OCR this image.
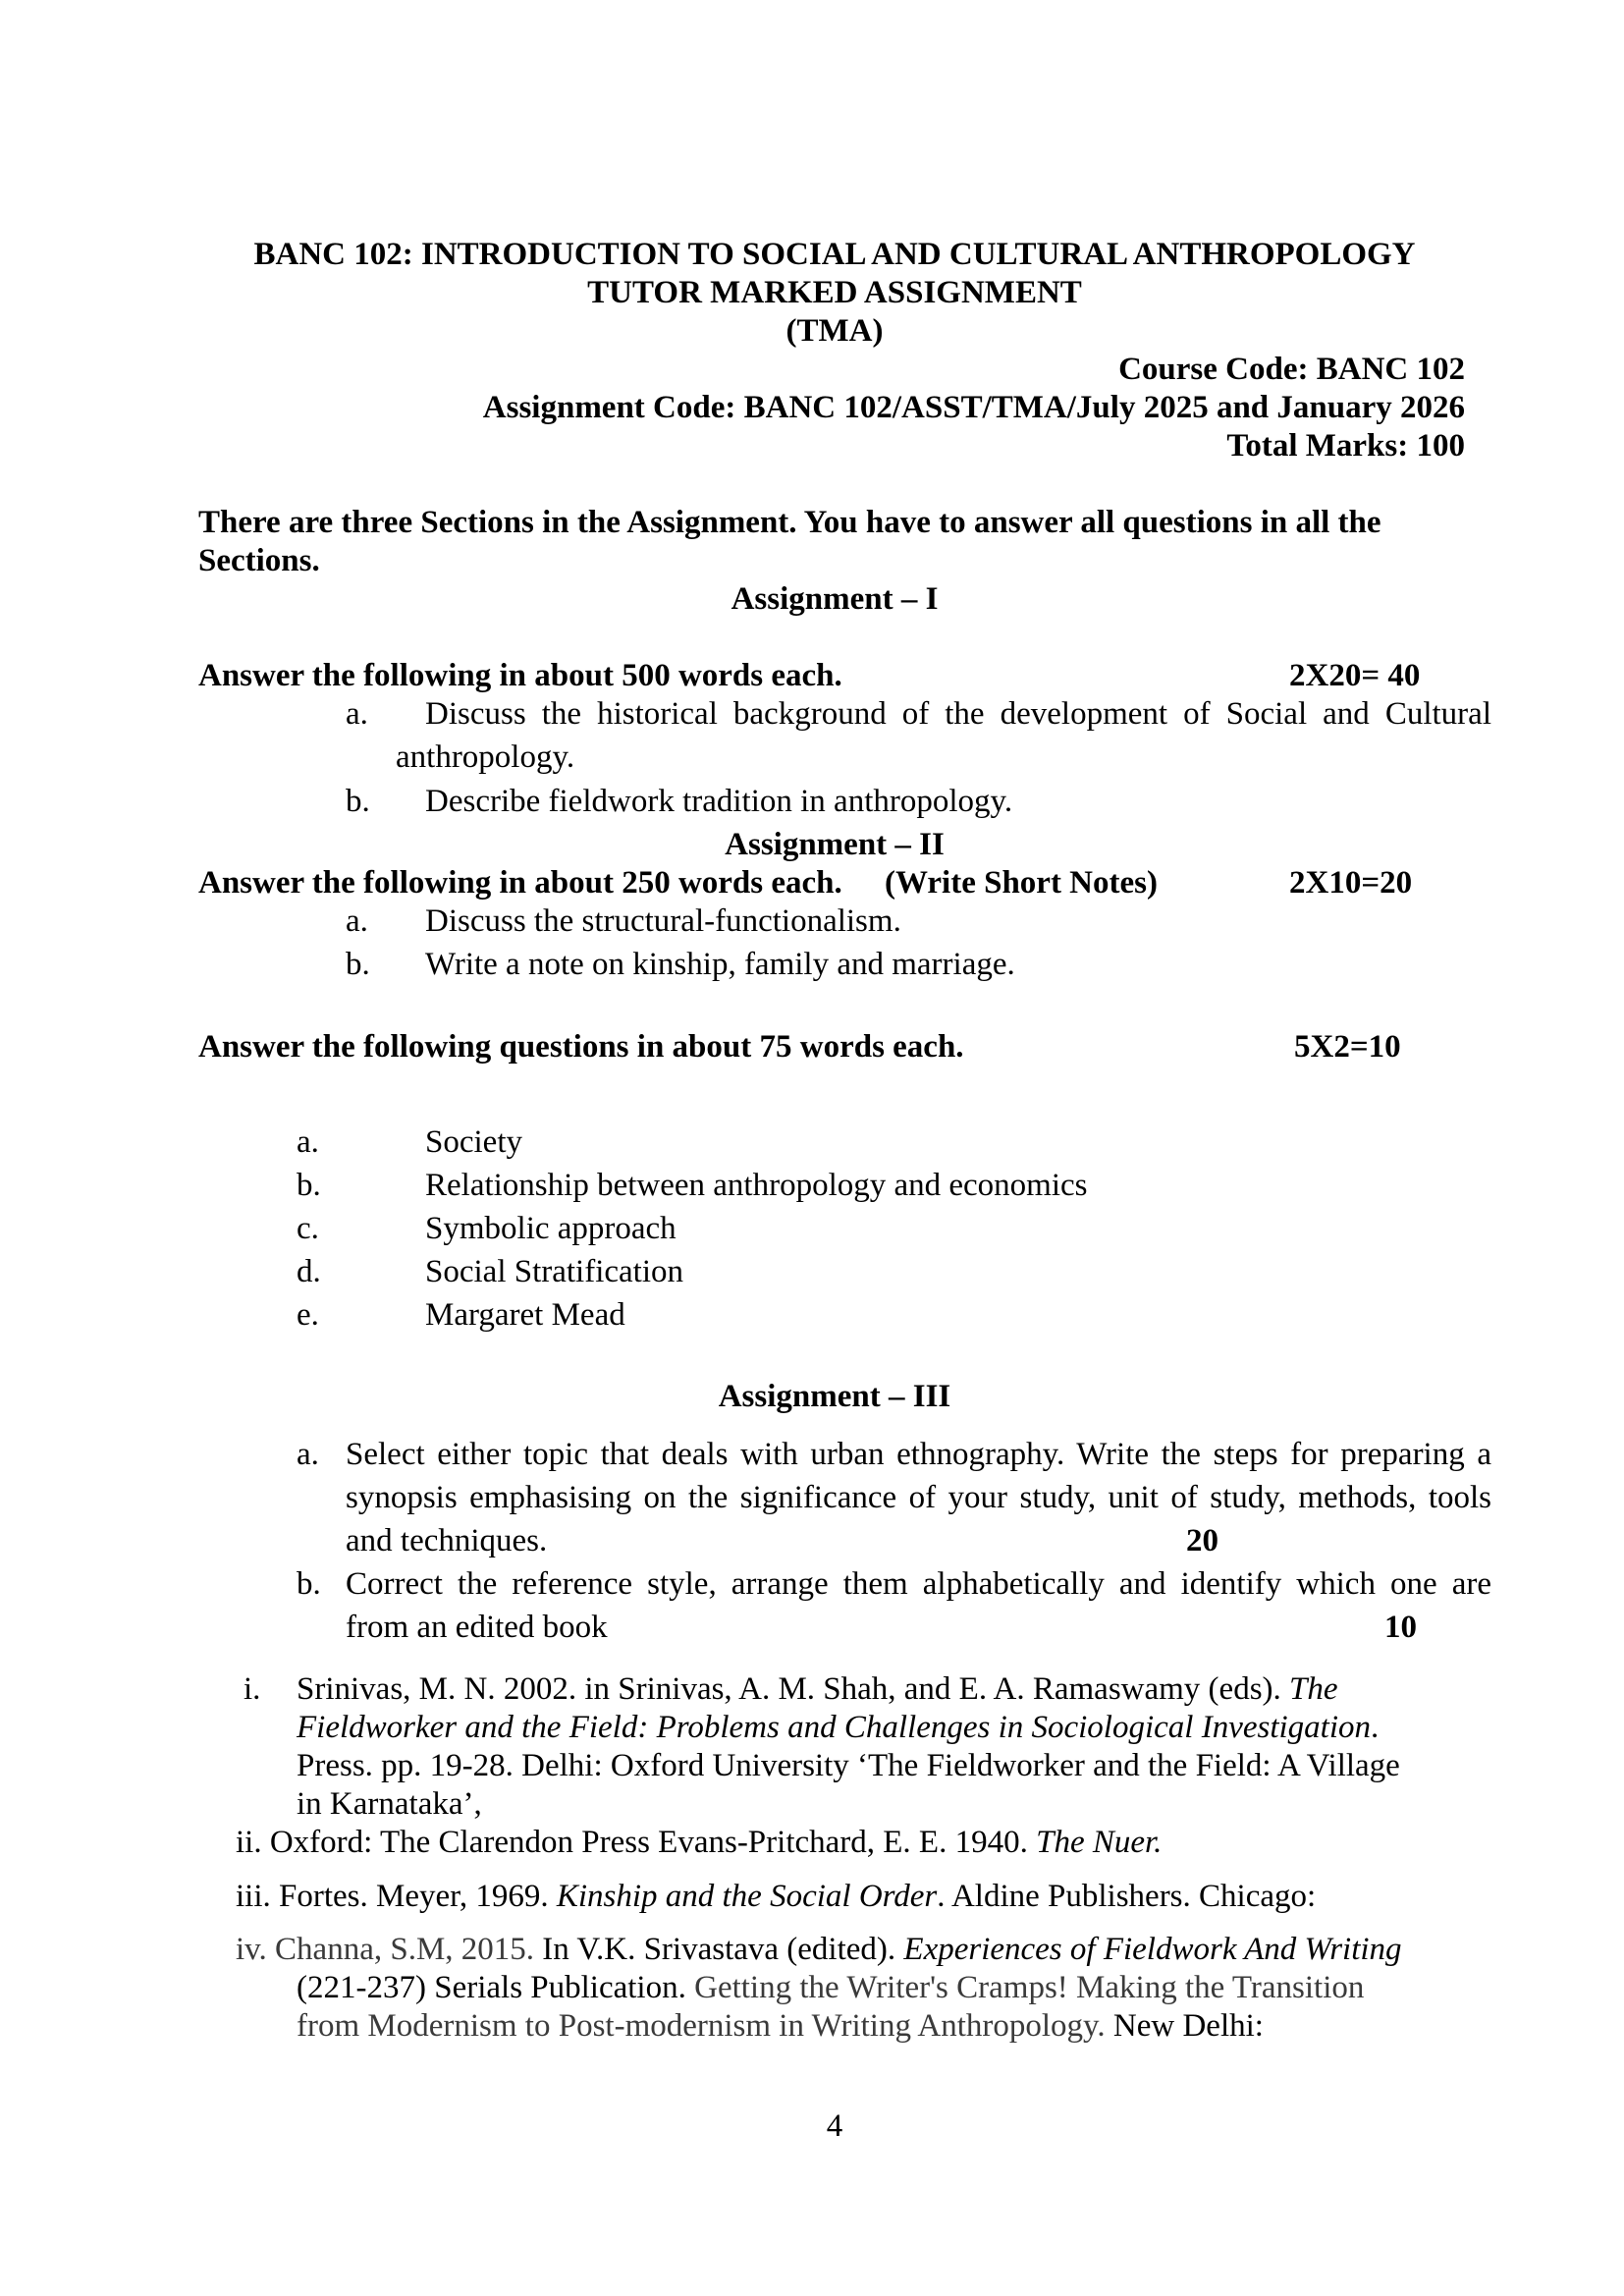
BANC 102: INTRODUCTION TO SOCIAL AND CULTURAL ANTHROPOLOGY
TUTOR MARKED ASSIGNMENT
(TMA)
Course Code: BANC 102
Assignment Code: BANC 102/ASST/TMA/July 2025 and January 2026
Total Marks: 100
There are three Sections in the Assignment. You have to answer all questions in all the
Sections.
Assignment – I
Answer the following in about 500 words each.	2X20= 40
a. Discuss the historical background of the development of Social and Cultural
anthropology.
b. Describe fieldwork tradition in anthropology.
Assignment – II
Answer the following in about 250 words each. (Write Short Notes)	2X10=20
a. Discuss the structural-functionalism.
b. Write a note on kinship, family and marriage.
Answer the following questions in about 75 words each.	5X2=10
a.	Society
b.	Relationship between anthropology and economics
c.	Symbolic approach
d.	Social Stratification
e.	Margaret Mead
Assignment – III
a. Select either topic that deals with urban ethnography. Write the steps for preparing a
synopsis emphasising on the significance of your study, unit of study, methods, tools
and techniques.	20
b. Correct the reference style, arrange them alphabetically and identify which one are
from an edited book	10
i. Srinivas, M. N. 2002. in Srinivas, A. M. Shah, and E. A. Ramaswamy (eds). The
Fieldworker and the Field: Problems and Challenges in Sociological Investigation.
Press. pp. 19-28. Delhi: Oxford University ‘The Fieldworker and the Field: A Village
in Karnataka’,
ii. Oxford: The Clarendon Press Evans-Pritchard, E. E. 1940. The Nuer.
iii. Fortes. Meyer, 1969. Kinship and the Social Order. Aldine Publishers. Chicago:
iv. Channa, S.M, 2015. In V.K. Srivastava (edited). Experiences of Fieldwork And Writing
(221-237) Serials Publication. Getting the Writer's Cramps! Making the Transition
from Modernism to Post-modernism in Writing Anthropology. New Delhi:
4
